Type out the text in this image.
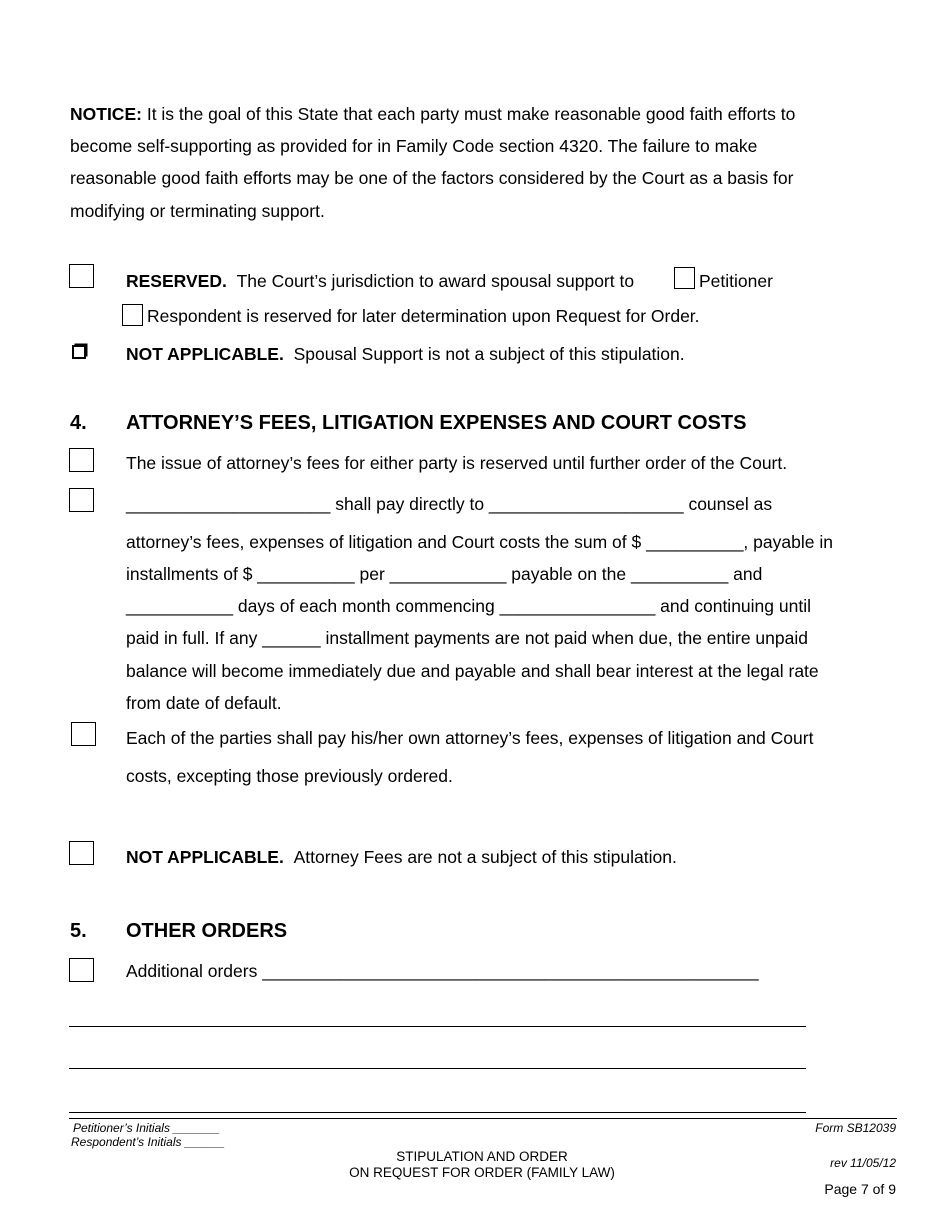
NOTICE: It is the goal of this State that each party must make reasonable good faith efforts to
become self-supporting as provided for in Family Code section 4320. The failure to make
reasonable good faith efforts may be one of the factors considered by the Court as a basis for
modifying or terminating support.
RESERVED. The Court’s jurisdiction to award spousal support to	Petitioner
Respondent is reserved for later determination upon Request for Order.
NOT APPLICABLE. Spousal Support is not a subject of this stipulation.
4. ATTORNEY’S FEES, LITIGATION EXPENSES AND COURT COSTS
The issue of attorney’s fees for either party is reserved until further order of the Court.
_____________________ shall pay directly to ____________________ counsel as
attorney’s fees, expenses of litigation and Court costs the sum of $ __________, payable in
installments of $ __________ per ____________ payable on the __________ and
___________ days of each month commencing ________________ and continuing until
paid in full. If any ______ installment payments are not paid when due, the entire unpaid
balance will become immediately due and payable and shall bear interest at the legal rate
from date of default.
Each of the parties shall pay his/her own attorney’s fees, expenses of litigation and Court
costs, excepting those previously ordered.
NOT APPLICABLE. Attorney Fees are not a subject of this stipulation.
5. OTHER ORDERS
Additional orders ___________________________________________________
Petitioner’s Initials _______
Respondent’s Initials ______
STIPULATION AND ORDER
ON REQUEST FOR ORDER (FAMILY LAW)
Form SB12039
rev 11/05/12
Page 7 of 9
